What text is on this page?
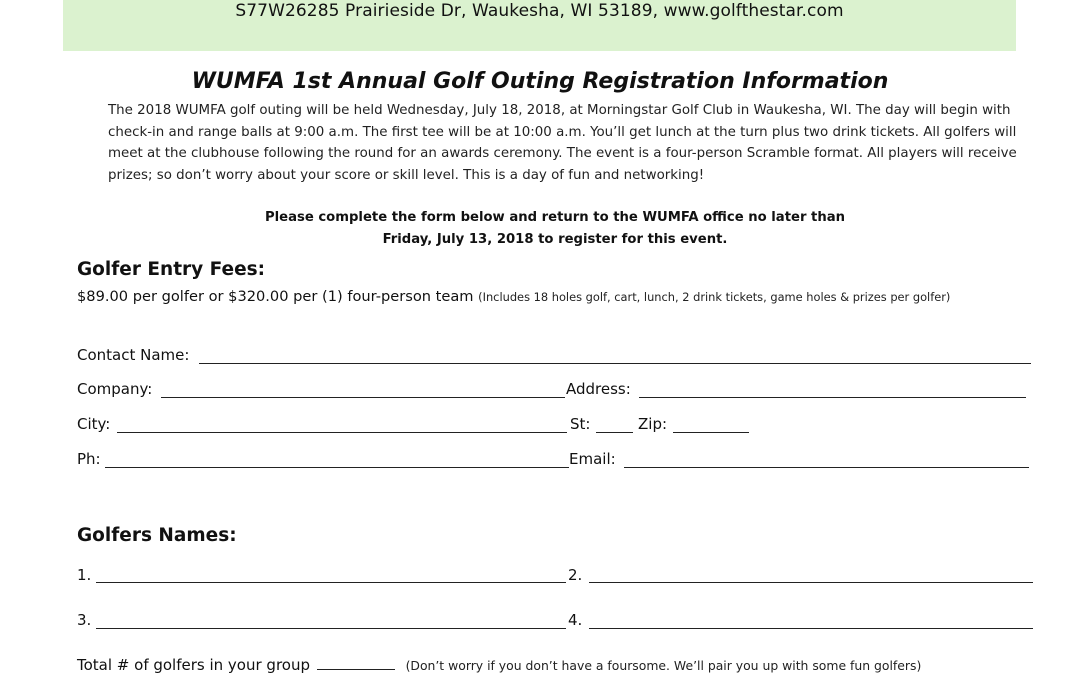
S77W26285 Prairieside Dr, Waukesha, WI 53189, www.golfthestar.com
WUMFA 1st Annual Golf Outing Registration Information
The 2018 WUMFA golf outing will be held Wednesday, July 18, 2018, at Morningstar Golf Club in Waukesha, WI. The day will begin with check-in and range balls at 9:00 a.m. The first tee will be at 10:00 a.m. You’ll get lunch at the turn plus two drink tickets. All golfers will meet at the clubhouse following the round for an awards ceremony. The event is a four-person Scramble format. All players will receive prizes; so don’t worry about your score or skill level. This is a day of fun and networking!
Please complete the form below and return to the WUMFA office no later than
Friday, July 13, 2018 to register for this event.
Golfer Entry Fees:
$89.00 per golfer or $320.00 per (1) four-person team (Includes 18 holes golf, cart, lunch, 2 drink tickets, game holes & prizes per golfer)
Contact Name:
Company:	Address:
City:	St:	Zip:
Ph:	Email:
Golfers Names:
1.	2.
3.	4.
Total # of golfers in your group	(Don’t worry if you don’t have a foursome. We’ll pair you up with some fun golfers)
